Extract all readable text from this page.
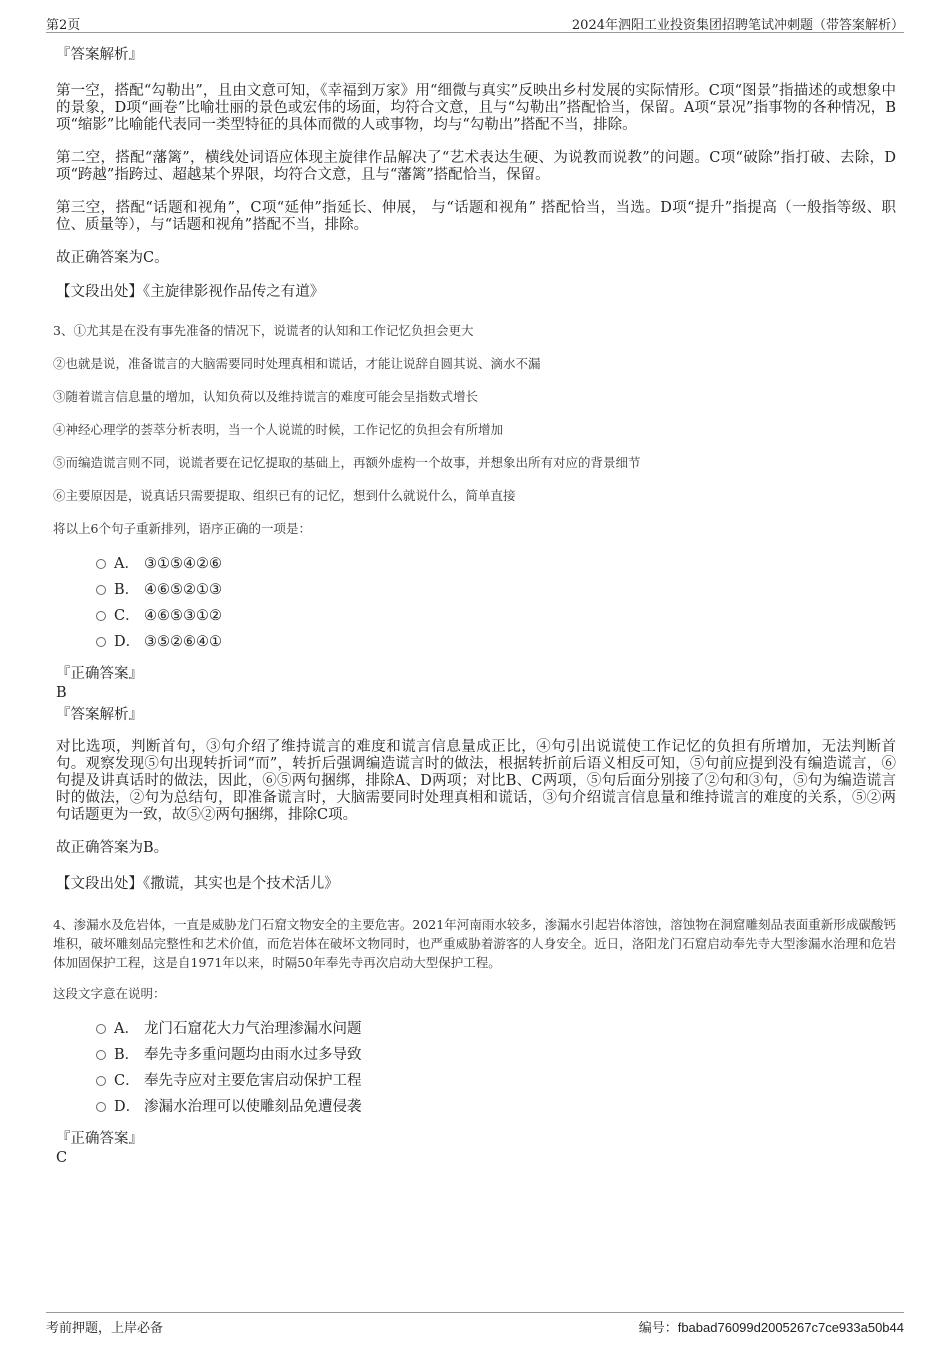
第2页	2024年泗阳工业投资集团招聘笔试冲刺题（带答案解析）

『答案解析』

第一空，搭配“勾勒出”，且由文意可知，《幸福到万家》用“细微与真实”反映出乡村发展的实际情形。C项“图景”指描述的或想象中的景象，D项“画卷”比喻壮丽的景色或宏伟的场面，均符合文意，且与“勾勒出”搭配恰当，保留。A项“景况”指事物的各种情况，B项“缩影”比喻能代表同一类型特征的具体而微的人或事物，均与“勾勒出”搭配不当，排除。

第二空，搭配“藩篱”，横线处词语应体现主旋律作品解决了“艺术表达生硬、为说教而说教”的问题。C项“破除”指打破、去除，D项“跨越”指跨过、超越某个界限，均符合文意，且与“藩篱”搭配恰当，保留。

第三空，搭配“话题和视角”，C项“延伸”指延长、伸展， 与“话题和视角” 搭配恰当，当选。D项“提升”指提高（一般指等级、职位、质量等），与“话题和视角”搭配不当，排除。

故正确答案为C。

【文段出处】《主旋律影视作品传之有道》

3、①尤其是在没有事先准备的情况下，说谎者的认知和工作记忆负担会更大

②也就是说，准备谎言的大脑需要同时处理真相和谎话，才能让说辞自圆其说、滴水不漏

③随着谎言信息量的增加，认知负荷以及维持谎言的难度可能会呈指数式增长

④神经心理学的荟萃分析表明，当一个人说谎的时候，工作记忆的负担会有所增加

⑤而编造谎言则不同，说谎者要在记忆提取的基础上，再额外虚构一个故事，并想象出所有对应的背景细节

⑥主要原因是，说真话只需要提取、组织已有的记忆，想到什么就说什么，简单直接

将以上6个句子重新排列，语序正确的一项是：

A． ③①⑤④②⑥
B． ④⑥⑤②①③
C． ④⑥⑤③①②
D． ③⑤②⑥④①

『正确答案』

B

『答案解析』

对比选项，判断首句，③句介绍了维持谎言的难度和谎言信息量成正比，④句引出说谎使工作记忆的负担有所增加，无法判断首句。观察发现⑤句出现转折词“而”，转折后强调编造谎言时的做法，根据转折前后语义相反可知，⑤句前应提到没有编造谎言，⑥句提及讲真话时的做法，因此，⑥⑤两句捆绑，排除A、D两项；对比B、C两项，⑤句后面分别接了②句和③句，⑤句为编造谎言时的做法，②句为总结句，即准备谎言时，大脑需要同时处理真相和谎话，③句介绍谎言信息量和维持谎言的难度的关系，⑤②两句话题更为一致，故⑤②两句捆绑，排除C项。

故正确答案为B。

【文段出处】《撒谎，其实也是个技术活儿》

4、渗漏水及危岩体，一直是威胁龙门石窟文物安全的主要危害。2021年河南雨水较多，渗漏水引起岩体溶蚀，溶蚀物在洞窟雕刻品表面重新形成碳酸钙堆积，破坏雕刻品完整性和艺术价值，而危岩体在破坏文物同时，也严重威胁着游客的人身安全。近日，洛阳龙门石窟启动奉先寺大型渗漏水治理和危岩体加固保护工程，这是自1971年以来，时隔50年奉先寺再次启动大型保护工程。

这段文字意在说明：

A． 龙门石窟花大力气治理渗漏水问题
B． 奉先寺多重问题均由雨水过多导致
C． 奉先寺应对主要危害启动保护工程
D． 渗漏水治理可以使雕刻品免遭侵袭

『正确答案』

C

考前押题，上岸必备	编号：fbabad76099d2005267c7ce933a50b44
